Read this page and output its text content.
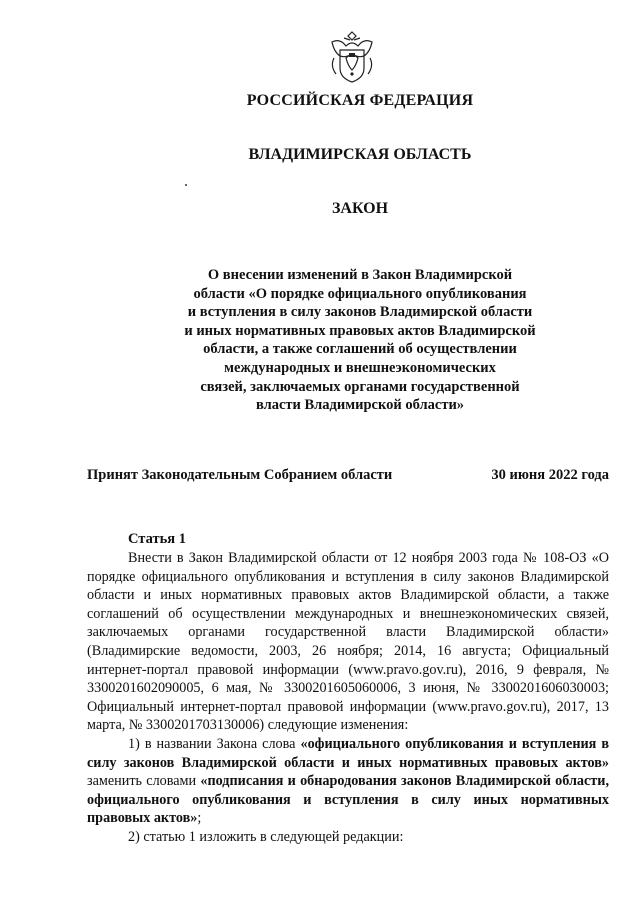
РОССИЙСКАЯ ФЕДЕРАЦИЯ
ВЛАДИМИРСКАЯ ОБЛАСТЬ
ЗАКОН
О внесении изменений в Закон Владимирской
области «О порядке официального опубликования
и вступления в силу законов Владимирской области
и иных нормативных правовых актов Владимирской
области, а также соглашений об осуществлении
международных и внешнеэкономических
связей, заключаемых органами государственной
власти Владимирской области»
Принят Законодательным Собранием области	30 июня 2022 года
Статья 1

Внести в Закон Владимирской области от 12 ноября 2003 года № 108-ОЗ «О порядке официального опубликования и вступления в силу законов Владимирской области и иных нормативных правовых актов Владимирской области, а также соглашений об осуществлении международных и внешнеэкономических связей, заключаемых органами государственной власти Владимирской области» (Владимирские ведомости, 2003, 26 ноября; 2014, 16 августа; Официальный интернет-портал правовой информации (www.pravo.gov.ru), 2016, 9 февраля, № 3300201602090005, 6 мая, № 3300201605060006, 3 июня, № 3300201606030003; Официальный интернет-портал правовой информации (www.pravo.gov.ru), 2017, 13 марта, № 3300201703130006) следующие изменения:

1) в названии Закона слова «официального опубликования и вступления в силу законов Владимирской области и иных нормативных правовых актов» заменить словами «подписания и обнародования законов Владимирской области, официального опубликования и вступления в силу иных нормативных правовых актов»;

2) статью 1 изложить в следующей редакции:
